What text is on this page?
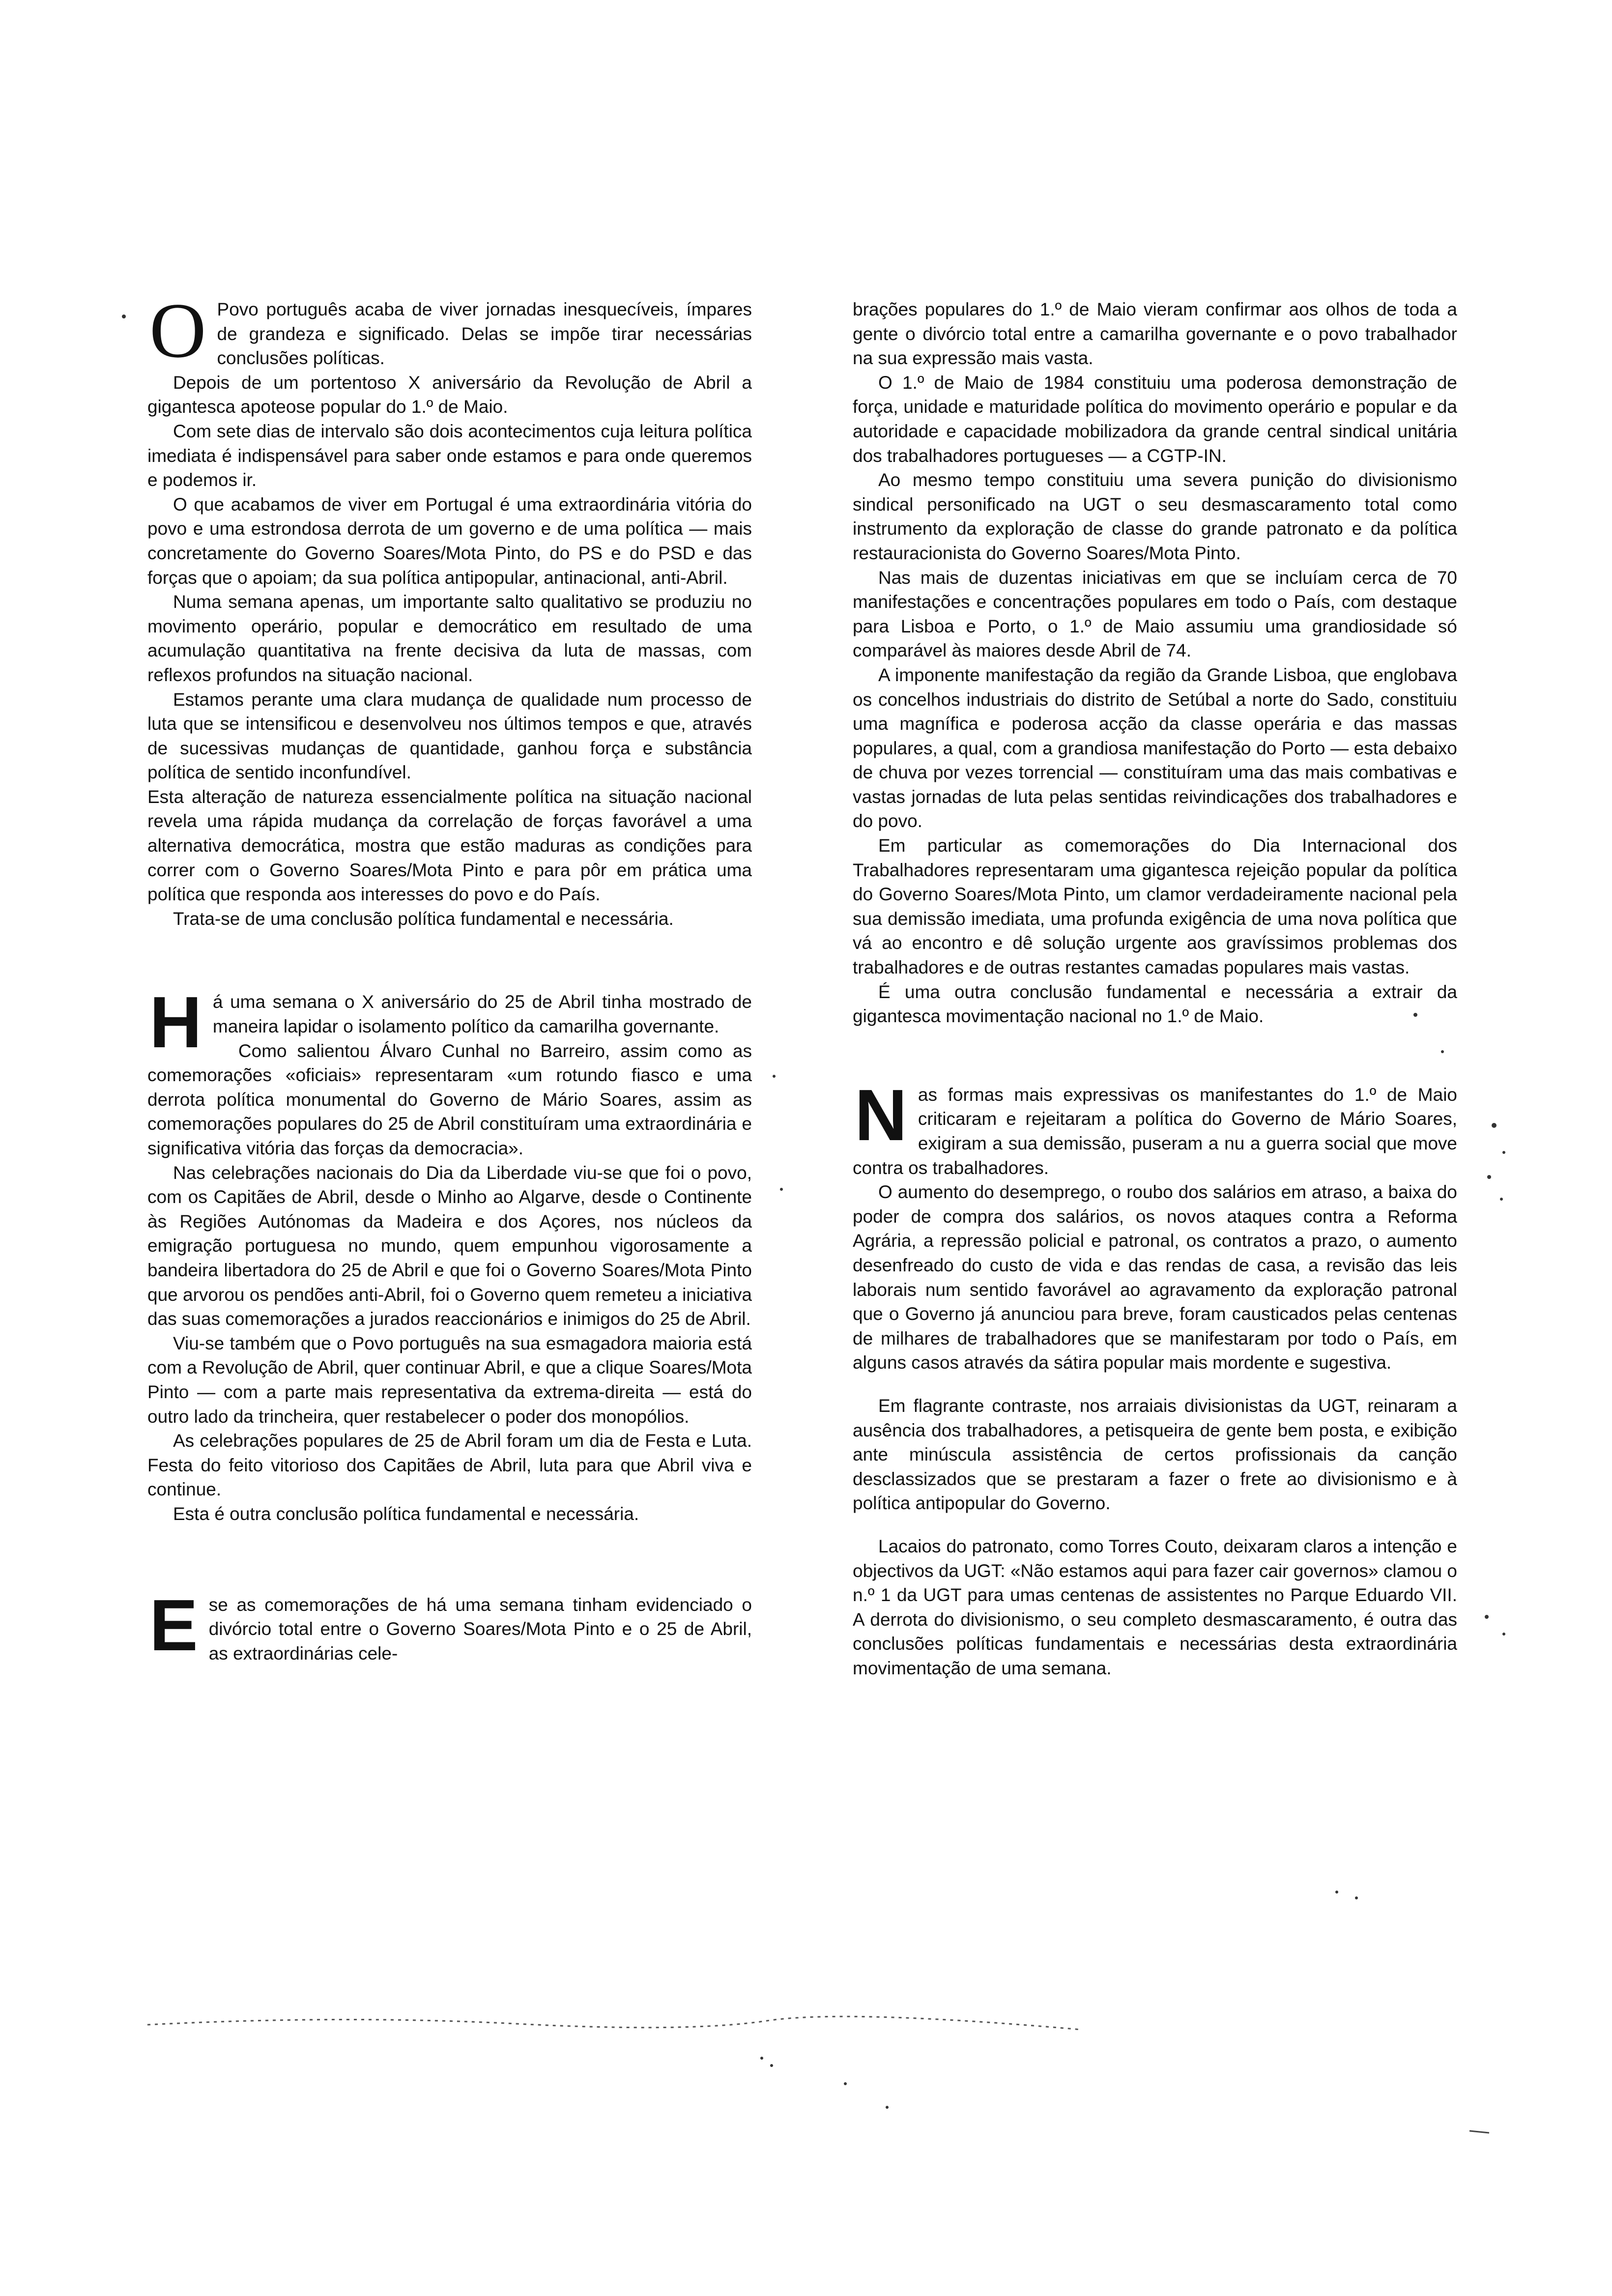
O Povo português acaba de viver jornadas inesquecíveis, ímpares de grandeza e significado. Delas se impõe tirar necessárias conclusões políticas.

Depois de um portentoso X aniversário da Revolução de Abril a gigantesca apoteose popular do 1.º de Maio.

Com sete dias de intervalo são dois acontecimentos cuja leitura política imediata é indispensável para saber onde estamos e para onde queremos e podemos ir.

O que acabamos de viver em Portugal é uma extraordinária vitória do povo e uma estrondosa derrota de um governo e de uma política — mais concretamente do Governo Soares/Mota Pinto, do PS e do PSD e das forças que o apoiam; da sua política antipopular, antinacional, anti-Abril.

Numa semana apenas, um importante salto qualitativo se produziu no movimento operário, popular e democrático em resultado de uma acumulação quantitativa na frente decisiva da luta de massas, com reflexos profundos na situação nacional.

Estamos perante uma clara mudança de qualidade num processo de luta que se intensificou e desenvolveu nos últimos tempos e que, através de sucessivas mudanças de quantidade, ganhou força e substância política de sentido inconfundível.

Esta alteração de natureza essencialmente política na situação nacional revela uma rápida mudança da correlação de forças favorável a uma alternativa democrática, mostra que estão maduras as condições para correr com o Governo Soares/Mota Pinto e para pôr em prática uma política que responda aos interesses do povo e do País.

Trata-se de uma conclusão política fundamental e necessária.

H á uma semana o X aniversário do 25 de Abril tinha mostrado de maneira lapidar o isolamento político da camarilha governante.

Como salientou Álvaro Cunhal no Barreiro, assim como as comemorações «oficiais» representaram «um rotundo fiasco e uma derrota política monumental do Governo de Mário Soares, assim as comemorações populares do 25 de Abril constituíram uma extraordinária e significativa vitória das forças da democracia».

Nas celebrações nacionais do Dia da Liberdade viu-se que foi o povo, com os Capitães de Abril, desde o Minho ao Algarve, desde o Continente às Regiões Autónomas da Madeira e dos Açores, nos núcleos da emigração portuguesa no mundo, quem empunhou vigorosamente a bandeira libertadora do 25 de Abril e que foi o Governo Soares/Mota Pinto que arvorou os pendões anti-Abril, foi o Governo quem remeteu a iniciativa das suas comemorações a jurados reaccionários e inimigos do 25 de Abril.

Viu-se também que o Povo português na sua esmagadora maioria está com a Revolução de Abril, quer continuar Abril, e que a clique Soares/Mota Pinto — com a parte mais representativa da extrema-direita — está do outro lado da trincheira, quer restabelecer o poder dos monopólios.

As celebrações populares de 25 de Abril foram um dia de Festa e Luta. Festa do feito vitorioso dos Capitães de Abril, luta para que Abril viva e continue.

Esta é outra conclusão política fundamental e necessária.

E se as comemorações de há uma semana tinham evidenciado o divórcio total entre o Governo Soares/Mota Pinto e o 25 de Abril, as extraordinárias cele-

brações populares do 1.º de Maio vieram confirmar aos olhos de toda a gente o divórcio total entre a camarilha governante e o povo trabalhador na sua expressão mais vasta.

O 1.º de Maio de 1984 constituiu uma poderosa demonstração de força, unidade e maturidade política do movimento operário e popular e da autoridade e capacidade mobilizadora da grande central sindical unitária dos trabalhadores portugueses — a CGTP-IN.

Ao mesmo tempo constituiu uma severa punição do divisionismo sindical personificado na UGT o seu desmascaramento total como instrumento da exploração de classe do grande patronato e da política restauracionista do Governo Soares/Mota Pinto.

Nas mais de duzentas iniciativas em que se incluíam cerca de 70 manifestações e concentrações populares em todo o País, com destaque para Lisboa e Porto, o 1.º de Maio assumiu uma grandiosidade só comparável às maiores desde Abril de 74.

A imponente manifestação da região da Grande Lisboa, que englobava os concelhos industriais do distrito de Setúbal a norte do Sado, constituiu uma magnífica e poderosa acção da classe operária e das massas populares, a qual, com a grandiosa manifestação do Porto — esta debaixo de chuva por vezes torrencial — constituíram uma das mais combativas e vastas jornadas de luta pelas sentidas reivindicações dos trabalhadores e do povo.

Em particular as comemorações do Dia Internacional dos Trabalhadores representaram uma gigantesca rejeição popular da política do Governo Soares/Mota Pinto, um clamor verdadeiramente nacional pela sua demissão imediata, uma profunda exigência de uma nova política que vá ao encontro e dê solução urgente aos gravíssimos problemas dos trabalhadores e de outras restantes camadas populares mais vastas.

É uma outra conclusão fundamental e necessária a extrair da gigantesca movimentação nacional no 1.º de Maio.

N as formas mais expressivas os manifestantes do 1.º de Maio criticaram e rejeitaram a política do Governo de Mário Soares, exigiram a sua demissão, puseram a nu a guerra social que move contra os trabalhadores.

O aumento do desemprego, o roubo dos salários em atraso, a baixa do poder de compra dos salários, os novos ataques contra a Reforma Agrária, a repressão policial e patronal, os contratos a prazo, o aumento desenfreado do custo de vida e das rendas de casa, a revisão das leis laborais num sentido favorável ao agravamento da exploração patronal que o Governo já anunciou para breve, foram causticados pelas centenas de milhares de trabalhadores que se manifestaram por todo o País, em alguns casos através da sátira popular mais mordente e sugestiva.

Em flagrante contraste, nos arraiais divisionistas da UGT, reinaram a ausência dos trabalhadores, a petisqueira de gente bem posta, e exibição ante minúscula assistência de certos profissionais da canção desclassizados que se prestaram a fazer o frete ao divisionismo e à política antipopular do Governo.

Lacaios do patronato, como Torres Couto, deixaram claros a intenção e objectivos da UGT: «Não estamos aqui para fazer cair governos» clamou o n.º 1 da UGT para umas centenas de assistentes no Parque Eduardo VII. A derrota do divisionismo, o seu completo desmascaramento, é outra das conclusões políticas fundamentais e necessárias desta extraordinária movimentação de uma semana.
